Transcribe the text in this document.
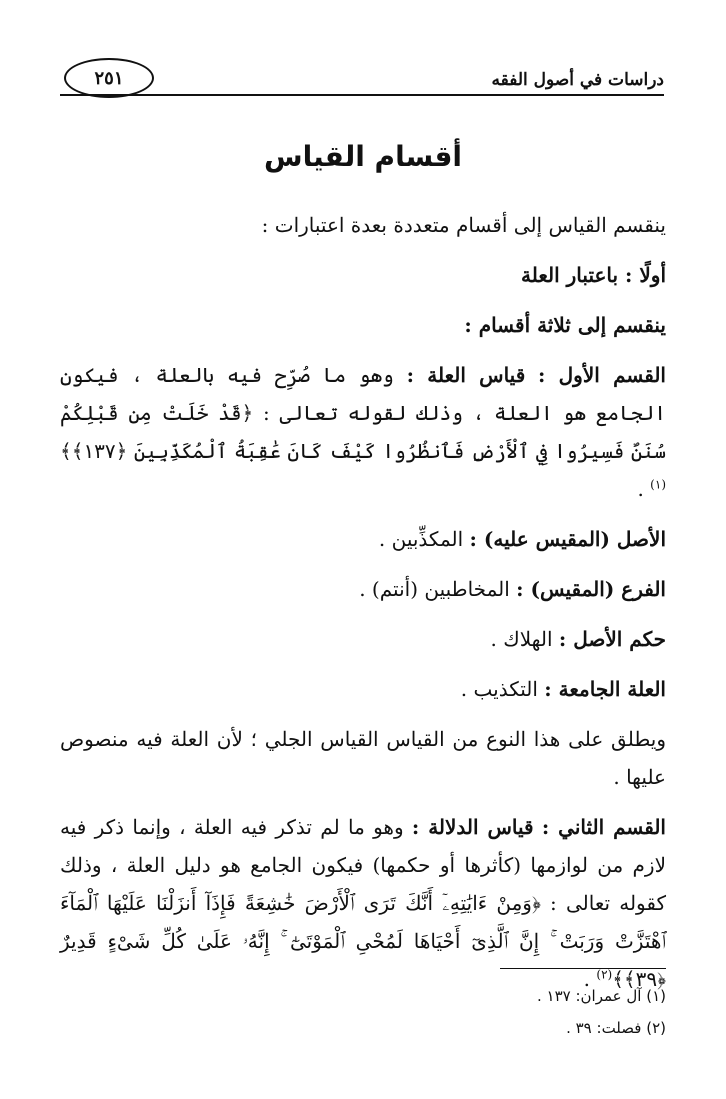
دراسات في أصول الفقه
٢٥١
أقسام القياس

ينقسم القياس إلى أقسام متعددة بعدة اعتبارات :

أولًا : باعتبار العلة

ينقسم إلى ثلاثة أقسام :

القسم الأول : قياس العلة : وهو ما صُرِّح فيه بالعلة ، فيكون الجامع هو العلة ، وذلك لقوله تعالى : ﴿قَدْ خَلَتْ مِن قَبْلِكُمْ سُنَنٌ فَسِيرُوا فِي ٱلْأَرْضِ فَٱنظُرُوا كَيْفَ كَانَ عَٰقِبَةُ ٱلْمُكَذِّبِينَ ﴿١٣٧﴾﴾$^{(١)}$ .

الأصل (المقيس عليه) : المكذِّبين .

الفرع (المقيس) : المخاطبين (أنتم) .

حكم الأصل : الهلاك .

العلة الجامعة : التكذيب .

ويطلق على هذا النوع من القياس القياس الجلي ؛ لأن العلة فيه منصوص عليها .

القسم الثاني : قياس الدلالة : وهو ما لم تذكر فيه العلة ، وإنما ذكر فيه لازم من لوازمها (كأثرها أو حكمها) فيكون الجامع هو دليل العلة ، وذلك كقوله تعالى : ﴿وَمِنْ ءَايَٰتِهِۦٓ أَنَّكَ تَرَى ٱلْأَرْضَ خَٰشِعَةً فَإِذَآ أَنزَلْنَا عَلَيْهَا ٱلْمَآءَ ٱهْتَزَّتْ وَرَبَتْ ۚ إِنَّ ٱلَّذِىٓ أَحْيَاهَا لَمُحْىِ ٱلْمَوْتَىٰٓ ۚ إِنَّهُۥ عَلَىٰ كُلِّ شَىْءٍ قَدِيرٌ ﴿٣٩﴾﴾$^{(٢)}$ .

(١) آل عمران: ١٣٧ .
(٢) فصلت: ٣٩ .
